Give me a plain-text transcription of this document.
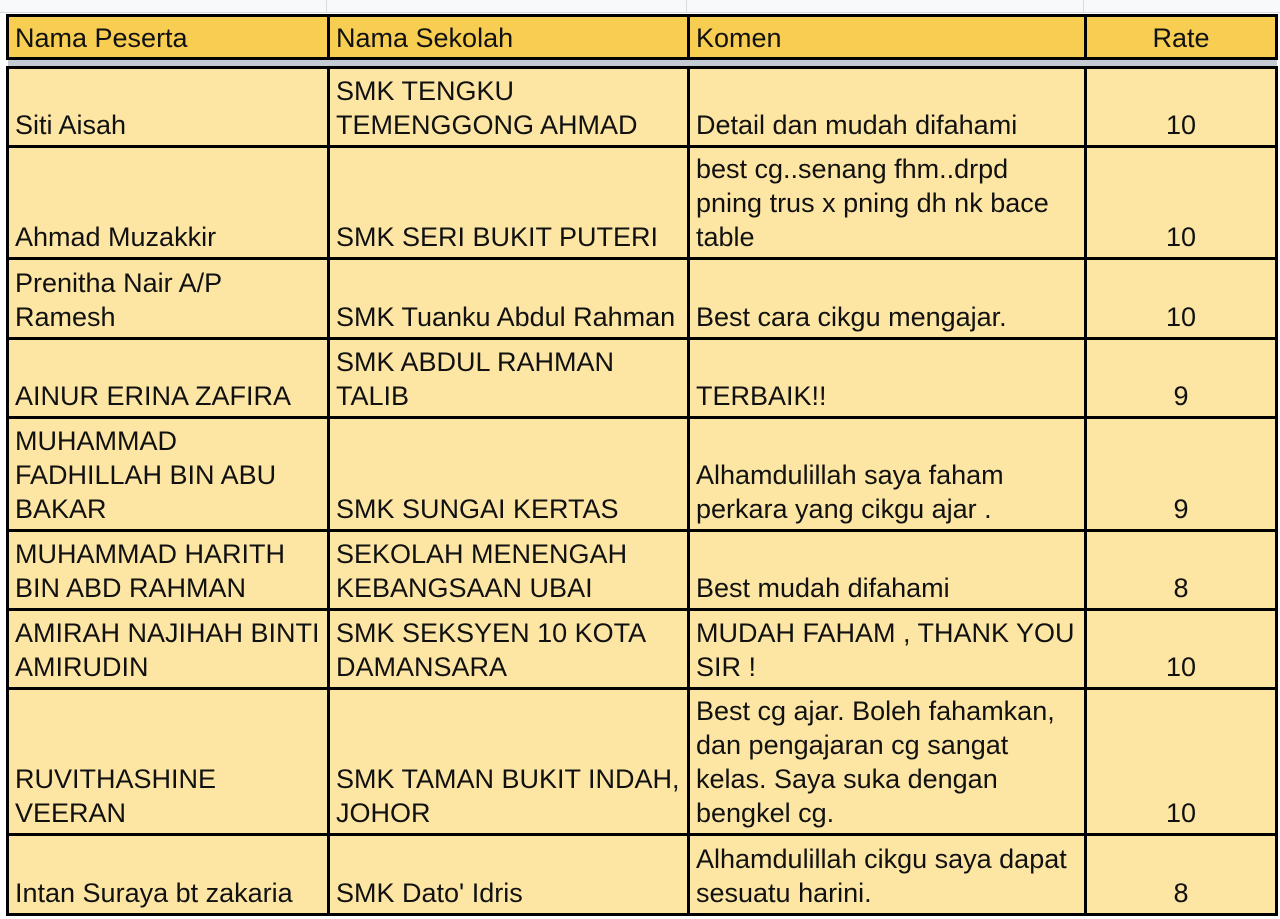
Nama Peserta	Nama Sekolah	Komen	Rate

Siti Aisah	SMK TENGKU TEMENGGONG AHMAD	Detail dan mudah difahami	10
Ahmad Muzakkir	SMK SERI BUKIT PUTERI	best cg..senang fhm..drpd pning trus x pning dh nk bace table	10
Prenitha Nair A/P Ramesh	SMK Tuanku Abdul Rahman	Best cara cikgu mengajar.	10
AINUR ERINA ZAFIRA	SMK ABDUL RAHMAN TALIB	TERBAIK!!	9
MUHAMMAD FADHILLAH BIN ABU BAKAR	SMK SUNGAI KERTAS	Alhamdulillah saya faham perkara yang cikgu ajar .	9
MUHAMMAD HARITH BIN ABD RAHMAN	SEKOLAH MENENGAH KEBANGSAAN UBAI	Best mudah difahami	8
AMIRAH NAJIHAH BINTI AMIRUDIN	SMK SEKSYEN 10 KOTA DAMANSARA	MUDAH FAHAM , THANK YOU SIR !	10
RUVITHASHINE VEERAN	SMK TAMAN BUKIT INDAH, JOHOR	Best cg ajar. Boleh fahamkan, dan pengajaran cg sangat kelas. Saya suka dengan bengkel cg.	10
Intan Suraya bt zakaria	SMK Dato' Idris	Alhamdulillah cikgu saya dapat sesuatu harini.	8
